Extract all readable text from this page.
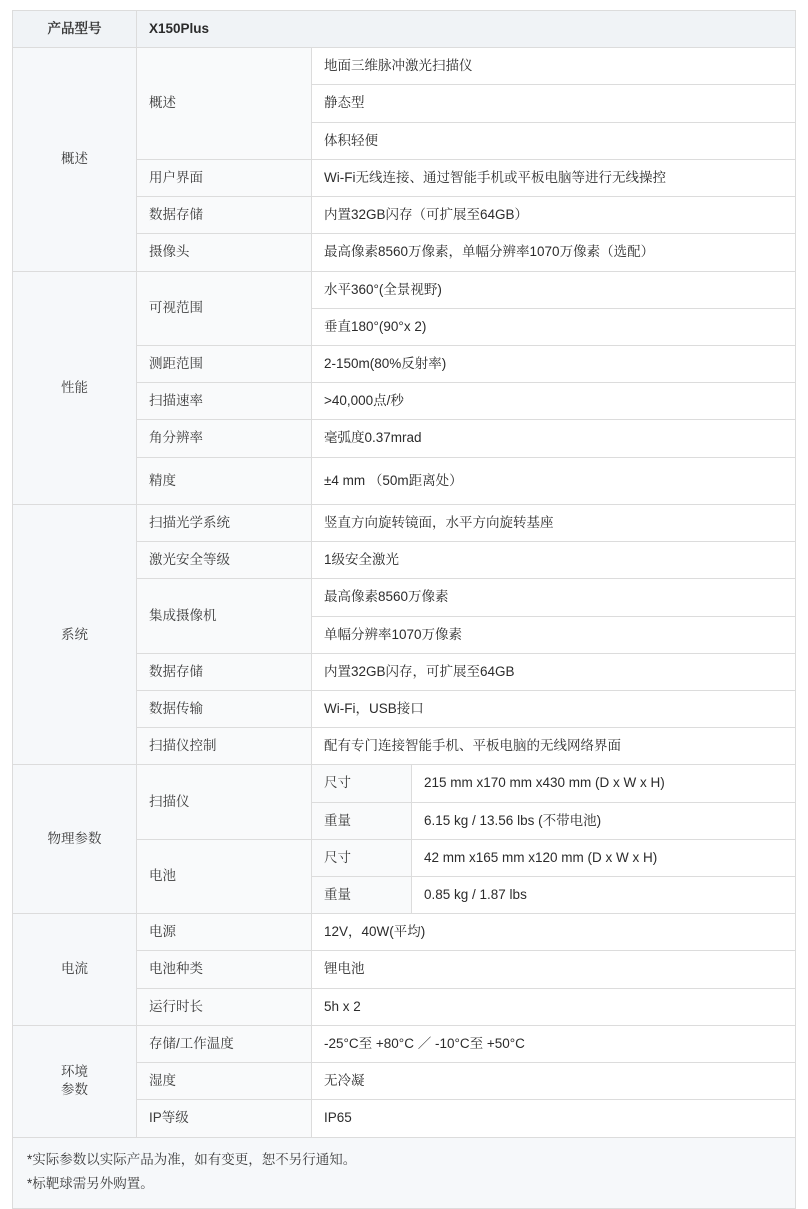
产品型号	X150Plus		

概述	概述	地面三维脉冲激光扫描仪	

		静态型	

		体积轻便	

	用户界面	Wi-Fi无线连接、通过智能手机或平板电脑等进行无线操控	

	数据存储	内置32GB闪存（可扩展至64GB）	

	摄像头	最高像素8560万像素，单幅分辨率1070万像素（选配）	

性能	可视范围	水平360°(全景视野)	

		垂直180°(90°x 2)	

	测距范围	2-150m(80%反射率)	

	扫描速率	>40,000点/秒	

	角分辨率	毫弧度0.37mrad	

	精度	±4 mm （50m距离处）	

系统	扫描光学系统	竖直方向旋转镜面，水平方向旋转基座	

	激光安全等级	1级安全激光	

	集成摄像机	最高像素8560万像素	

		单幅分辨率1070万像素	

	数据存储	内置32GB闪存，可扩展至64GB	

	数据传输	Wi-Fi，USB接口	

	扫描仪控制	配有专门连接智能手机、平板电脑的无线网络界面	

物理参数	扫描仪	尺寸	215 mm x170 mm x430 mm (D x W x H)

		重量	6.15 kg / 13.56 lbs (不带电池)

	电池	尺寸	42 mm x165 mm x120 mm (D x W x H)

		重量	0.85 kg / 1.87 lbs

电流	电源	12V，40W(平均)	

	电池种类	锂电池	

	运行时长	5h x 2	

环境
参数	存储/工作温度	-25°C至 +80°C ／ -10°C至 +50°C	

	湿度	无冷凝	

	IP等级	IP65	
*实际参数以实际产品为准，如有变更，恕不另行通知。
*标靶球需另外购置。
